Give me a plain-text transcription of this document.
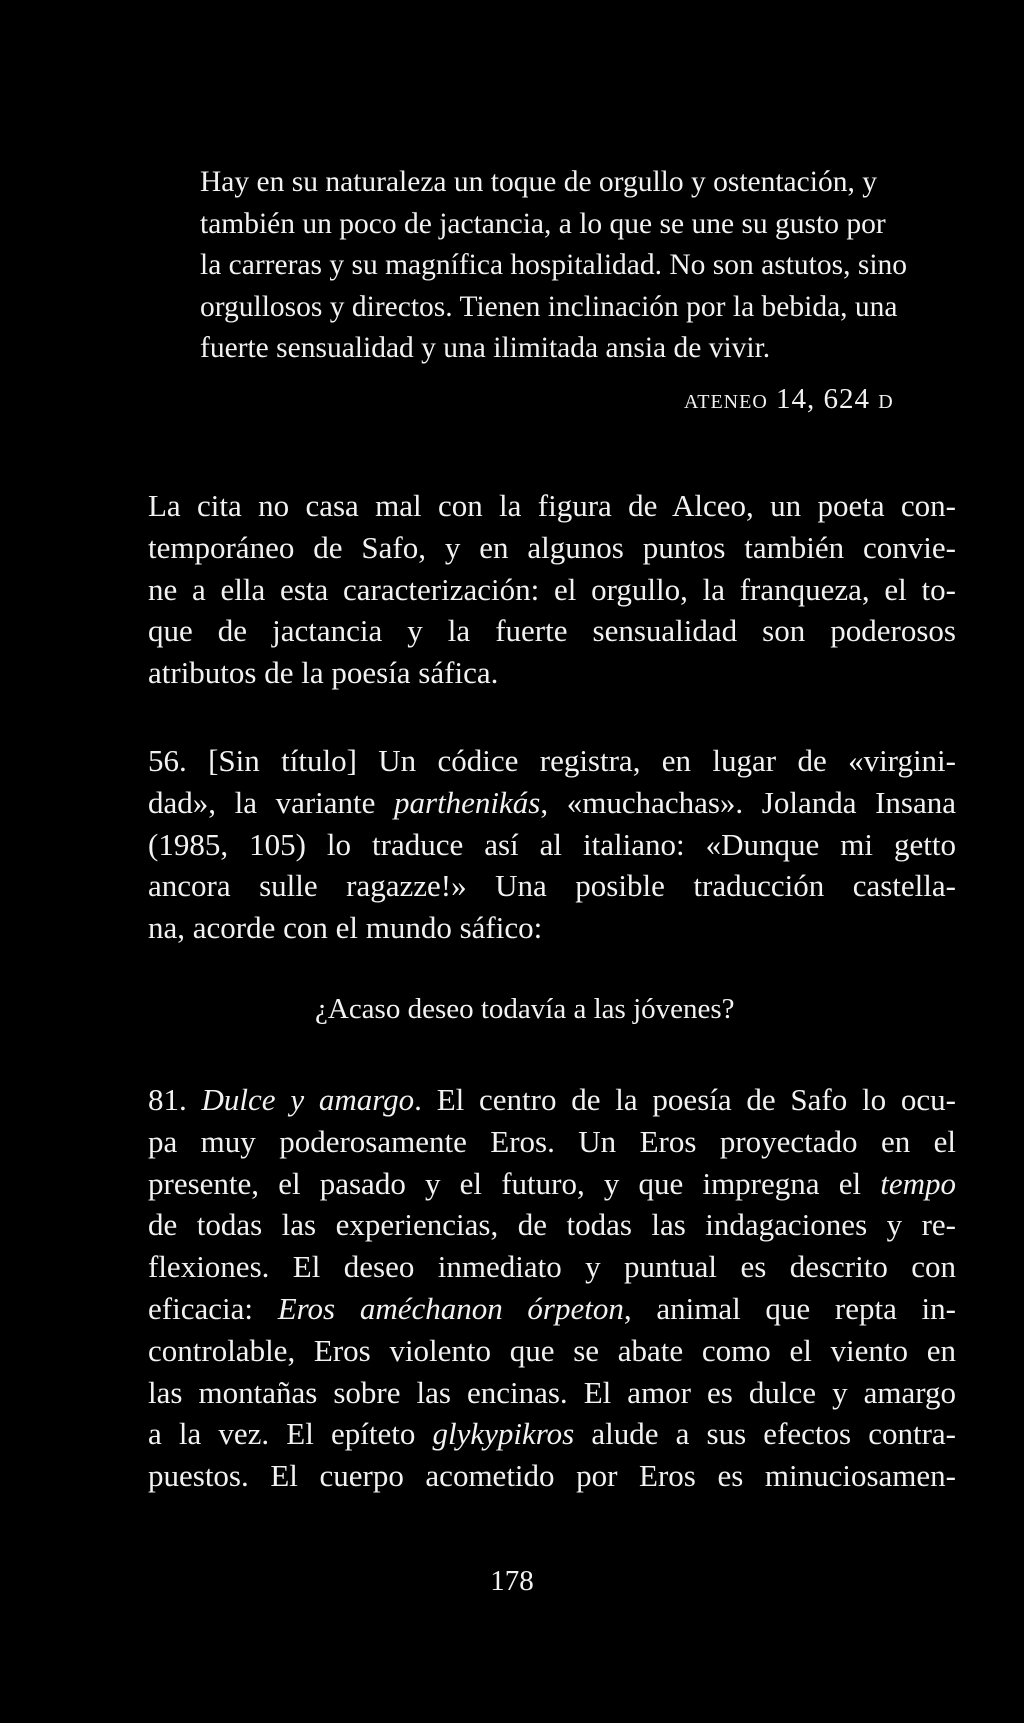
Hay en su naturaleza un toque de orgullo y ostentación, y
también un poco de jactancia, a lo que se une su gusto por
la carreras y su magnífica hospitalidad. No son astutos, sino
orgullosos y directos. Tienen inclinación por la bebida, una
fuerte sensualidad y una ilimitada ansia de vivir.
ateneo 14, 624 d
La cita no casa mal con la figura de Alceo, un poeta con-
temporáneo de Safo, y en algunos puntos también convie-
ne a ella esta caracterización: el orgullo, la franqueza, el to-
que de jactancia y la fuerte sensualidad son poderosos
atributos de la poesía sáfica.
56. [Sin título] Un códice registra, en lugar de «virgini-
dad», la variante parthenikás, «muchachas». Jolanda Insana
(1985, 105) lo traduce así al italiano: «Dunque mi getto
ancora sulle ragazze!» Una posible traducción castella-
na, acorde con el mundo sáfico:
¿Acaso deseo todavía a las jóvenes?
81. Dulce y amargo. El centro de la poesía de Safo lo ocu-
pa muy poderosamente Eros. Un Eros proyectado en el
presente, el pasado y el futuro, y que impregna el tempo
de todas las experiencias, de todas las indagaciones y re-
flexiones. El deseo inmediato y puntual es descrito con
eficacia: Eros améchanon órpeton, animal que repta in-
controlable, Eros violento que se abate como el viento en
las montañas sobre las encinas. El amor es dulce y amargo
a la vez. El epíteto glykypikros alude a sus efectos contra-
puestos. El cuerpo acometido por Eros es minuciosamen-
178
